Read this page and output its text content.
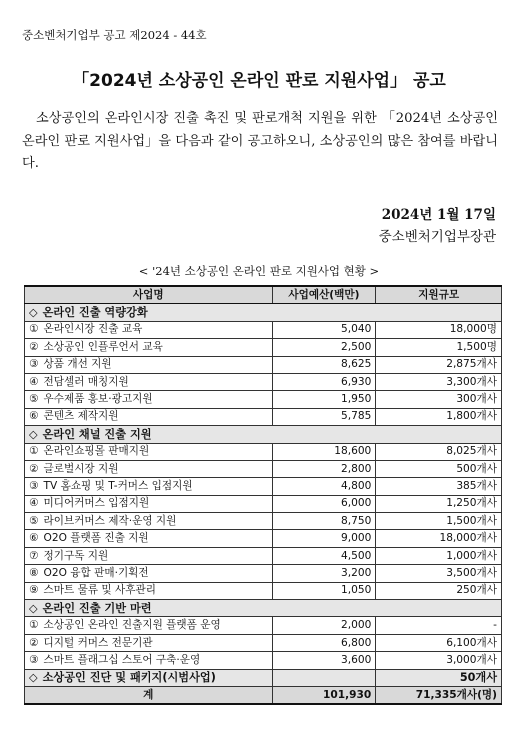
중소벤처기업부 공고 제2024 - 44호
「2024년 소상공인 온라인 판로 지원사업」 공고
소상공인의 온라인시장 진출 촉진 및 판로개척 지원을 위한 「2024년 소상공인 온라인 판로 지원사업」을 다음과 같이 공고하오니, 소상공인의 많은 참여를 바랍니다.
2024년 1월 17일
중소벤처기업부장관
< '24년 소상공인 온라인 판로 지원사업 현황 >
사업명	사업예산(백만)	지원규모
◇ 온라인 진출 역량강화		
① 온라인시장 진출 교육	5,040	18,000명
② 소상공인 인플루언서 교육	2,500	1,500명
③ 상품 개선 지원	8,625	2,875개사
④ 전담셀러 매칭지원	6,930	3,300개사
⑤ 우수제품 홍보·광고지원	1,950	300개사
⑥ 콘텐츠 제작지원	5,785	1,800개사
◇ 온라인 채널 진출 지원		
① 온라인쇼핑몰 판매지원	18,600	8,025개사
② 글로벌시장 지원	2,800	500개사
③ TV 홈쇼핑 및 T-커머스 입점지원	4,800	385개사
④ 미디어커머스 입점지원	6,000	1,250개사
⑤ 라이브커머스 제작·운영 지원	8,750	1,500개사
⑥ O2O 플랫폼 진출 지원	9,000	18,000개사
⑦ 정기구독 지원	4,500	1,000개사
⑧ O2O 융합 판매·기획전	3,200	3,500개사
⑨ 스마트 물류 및 사후관리	1,050	250개사
◇ 온라인 진출 기반 마련		
① 소상공인 온라인 진출지원 플랫폼 운영	2,000	-
② 디지털 커머스 전문기관	6,800	6,100개사
③ 스마트 플래그십 스토어 구축·운영	3,600	3,000개사
◇ 소상공인 진단 및 패키지(시범사업)		50개사
계	101,930	71,335개사(명)
